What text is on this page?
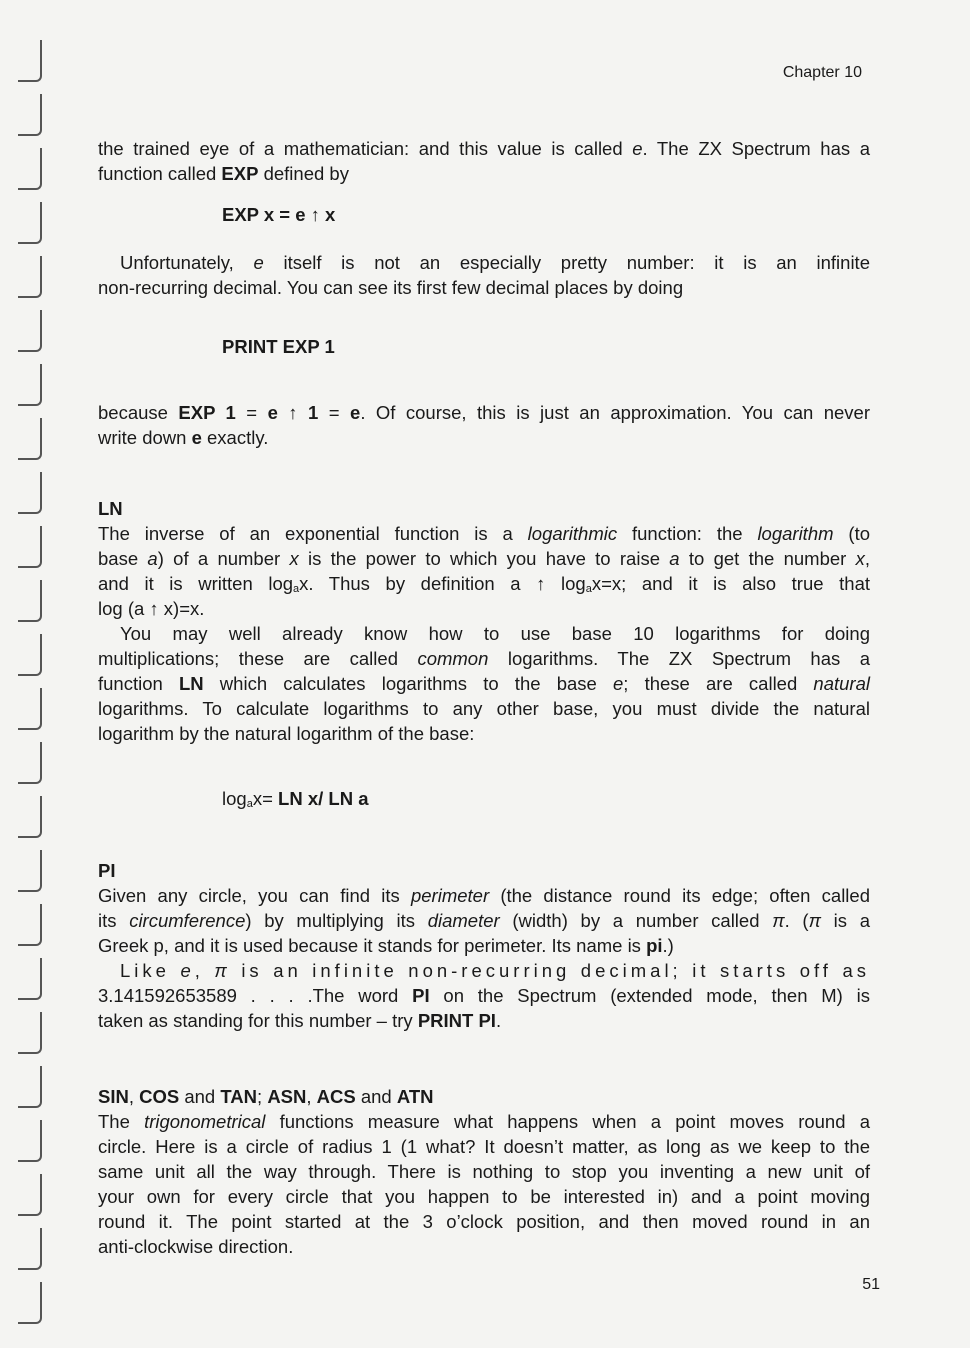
Chapter 10

the trained eye of a mathematician: and this value is called e. The ZX Spectrum has a

function called EXP defined by

EXP x = e ↑ x

Unfortunately, e itself is not an especially pretty number: it is an infinite

non-recurring decimal. You can see its first few decimal places by doing

PRINT EXP 1

because EXP 1 = e ↑ 1 = e. Of course, this is just an approximation. You can never

write down e exactly.

LN

The inverse of an exponential function is a logarithmic function: the logarithm (to

base a) of a number x is the power to which you have to raise a to get the number x,

and it is written $\log_ax$. Thus by definition a ↑ $\log_ax=x$; and it is also true that

log (a ↑ x)=x.

You may well already know how to use base 10 logarithms for doing

multiplications; these are called common logarithms. The ZX Spectrum has a

function LN which calculates logarithms to the base e; these are called natural

logarithms. To calculate logarithms to any other base, you must divide the natural

logarithm by the natural logarithm of the base:

$\log_ax=$ LN x/ LN a

PI

Given any circle, you can find its perimeter (the distance round its edge; often called

its circumference) by multiplying its diameter (width) by a number called π. (π is a

Greek p, and it is used because it stands for perimeter. Its name is pi.)

Like e, π is an infinite non-recurring decimal; it starts off as

3.141592653589 . . . .The word PI on the Spectrum (extended mode, then M) is

taken as standing for this number – try PRINT PI.

SIN, COS and TAN; ASN, ACS and ATN

The trigonometrical functions measure what happens when a point moves round a

circle. Here is a circle of radius 1 (1 what? It doesn’t matter, as long as we keep to the

same unit all the way through. There is nothing to stop you inventing a new unit of

your own for every circle that you happen to be interested in) and a point moving

round it. The point started at the 3 o’clock position, and then moved round in an

anti-clockwise direction.

51
